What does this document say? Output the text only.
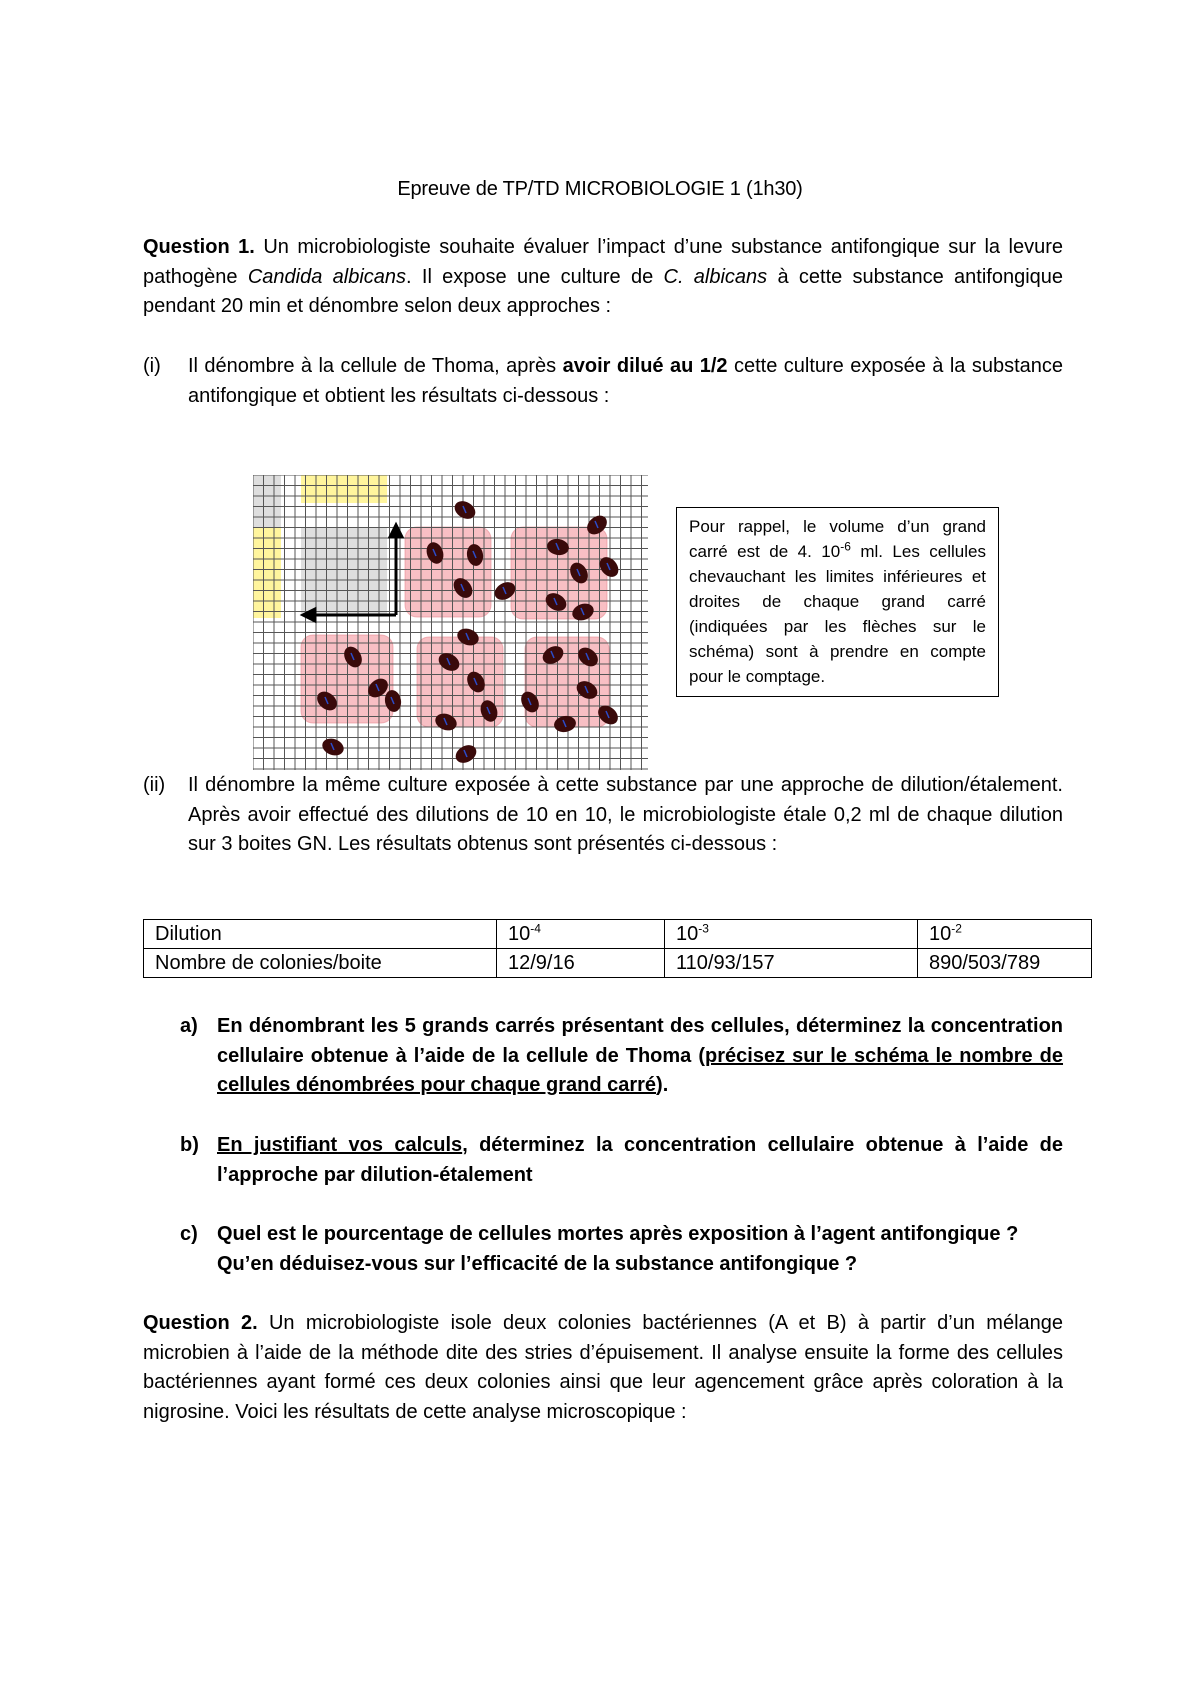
Epreuve de TP/TD MICROBIOLOGIE 1 (1h30)

Question 1. Un microbiologiste souhaite évaluer l’impact d’une substance antifongique sur la levure pathogène Candida albicans. Il expose une culture de C. albicans à cette substance antifongique pendant 20 min et dénombre selon deux approches :

(i) Il dénombre à la cellule de Thoma, après avoir dilué au 1/2 cette culture exposée à la substance antifongique et obtient les résultats ci-dessous :
Pour rappel, le volume d’un grand carré est de 4. $10^{-6}$ ml. Les cellules chevauchant les limites inférieures et droites de chaque grand carré (indiquées par les flèches sur le schéma) sont à prendre en compte pour le comptage.
(ii) Il dénombre la même culture exposée à cette substance par une approche de dilution/étalement. Après avoir effectué des dilutions de 10 en 10, le microbiologiste étale 0,2 ml de chaque dilution sur 3 boites GN. Les résultats obtenus sont présentés ci-dessous :
Dilution	$10^{-4}$	$10^{-3}$	$10^{-2}$
Nombre de colonies/boite	12/9/16	110/93/157	890/503/789
a) En dénombrant les 5 grands carrés présentant des cellules, déterminez la concentration cellulaire obtenue à l’aide de la cellule de Thoma (précisez sur le schéma le nombre de cellules dénombrées pour chaque grand carré).
b) En justifiant vos calculs, déterminez la concentration cellulaire obtenue à l’aide de l’approche par dilution-étalement
c) Quel est le pourcentage de cellules mortes après exposition à l’agent antifongique ?
Qu’en déduisez-vous sur l’efficacité de la substance antifongique ?

Question 2. Un microbiologiste isole deux colonies bactériennes (A et B) à partir d’un mélange microbien à l’aide de la méthode dite des stries d’épuisement. Il analyse ensuite la forme des cellules bactériennes ayant formé ces deux colonies ainsi que leur agencement grâce après coloration à la nigrosine. Voici les résultats de cette analyse microscopique :
